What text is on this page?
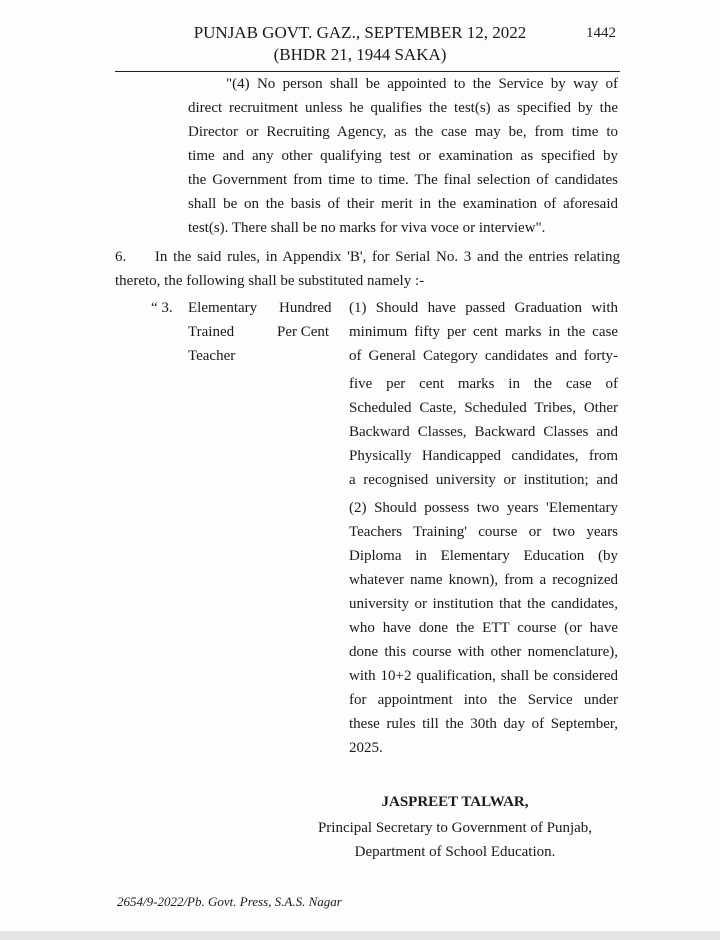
PUNJAB GOVT. GAZ., SEPTEMBER 12, 2022
(BHDR 21, 1944 SAKA)
1442
"(4) No person shall be appointed to the Service by way of
direct recruitment unless he qualifies the test(s) as specified by the
Director or Recruiting Agency, as the case may be, from time to
time and any other qualifying test or examination as specified by
the Government from time to time. The final selection of candidates
shall be on the basis of their merit in the examination of aforesaid
test(s). There shall be no marks for viva voce or interview".
6.     In the said rules, in Appendix 'B', for Serial No. 3 and the entries relating
thereto, the following shall be substituted namely :-
“ 3. Elementary
Trained
Teacher
Hundred
Per Cent
(1) Should have passed Graduation with
minimum fifty per cent marks in the case
of General Category candidates and forty-
five per cent marks in the case of
Scheduled Caste, Scheduled Tribes, Other
Backward Classes, Backward Classes and
Physically Handicapped candidates, from
a recognised university or institution; and
(2) Should possess two years 'Elementary
Teachers Training' course or two years
Diploma in Elementary Education (by
whatever name known), from a recognized
university or institution that the candidates,
who have done the ETT course (or have
done this course with other nomenclature),
with 10+2 qualification, shall be considered
for appointment into the Service under
these rules till the 30th day of September,
2025.
JASPREET TALWAR,
Principal Secretary to Government of Punjab,
Department of School Education.
2654/9-2022/Pb. Govt. Press, S.A.S. Nagar
